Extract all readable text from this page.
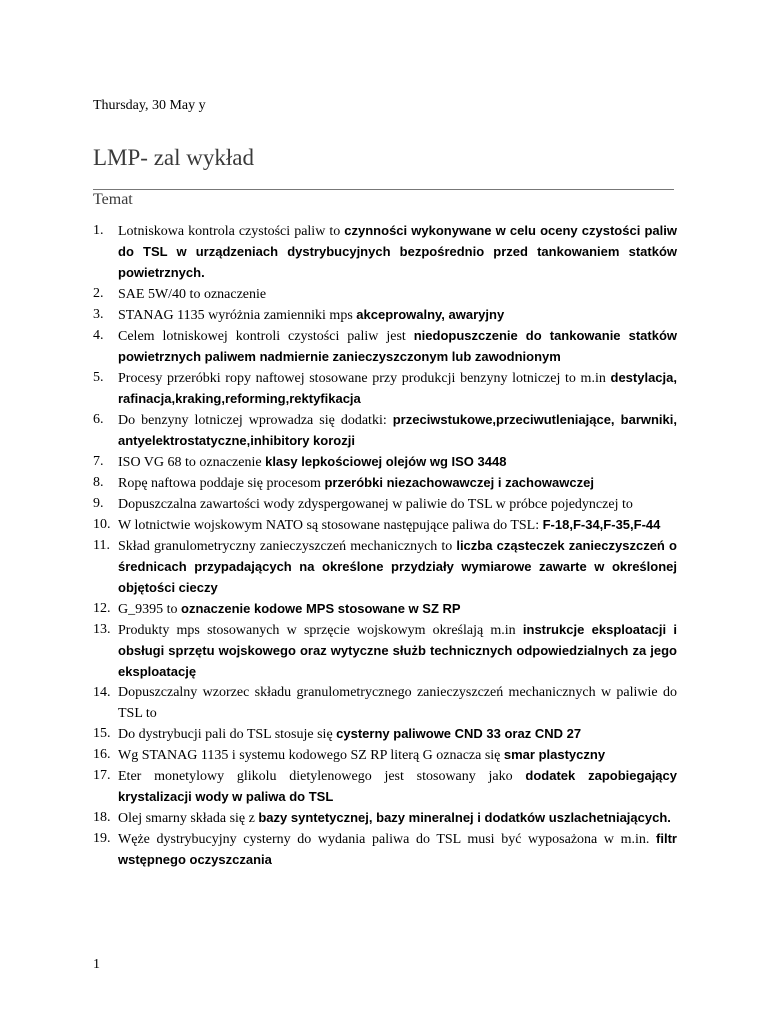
Thursday, 30 May y
LMP- zal wykład
Temat
1. Lotniskowa kontrola czystości paliw to czynności wykonywane w celu oceny czystości paliw do TSL w urządzeniach dystrybucyjnych bezpośrednio przed tankowaniem statków powietrznych.
2. SAE 5W/40 to oznaczenie
3. STANAG 1135 wyróżnia zamienniki mps akceprowalny, awaryjny
4. Celem lotniskowej kontroli czystości paliw jest niedopuszczenie do tankowanie statków powietrznych paliwem nadmiernie zanieczyszczonym lub zawodnionym
5. Procesy przeróbki ropy naftowej stosowane przy produkcji benzyny lotniczej to m.in destylacja, rafinacja,kraking,reforming,rektyfikacja
6. Do benzyny lotniczej wprowadza się dodatki: przeciwstukowe,przeciwutleniające, barwniki, antyelektrostatyczne,inhibitory korozji
7. ISO VG 68 to oznaczenie klasy lepkościowej olejów wg ISO 3448
8. Ropę naftowa poddaje się procesom przeróbki niezachowawczej i zachowawczej
9. Dopuszczalna zawartości wody zdyspergowanej w paliwie do TSL w próbce pojedynczej to
10. W lotnictwie wojskowym NATO są stosowane następujące paliwa do TSL: F-18,F-34,F-35,F-44
11. Skład granulometryczny zanieczyszczeń mechanicznych to liczba cząsteczek zanieczyszczeń o średnicach przypadających na określone przydziały wymiarowe zawarte w określonej objętości cieczy
12. G_9395 to oznaczenie kodowe MPS stosowane w SZ RP
13. Produkty mps stosowanych w sprzęcie wojskowym określają m.in instrukcje eksploatacji i obsługi sprzętu wojskowego oraz wytyczne służb technicznych odpowiedzialnych za jego eksploatację
14. Dopuszczalny wzorzec składu granulometrycznego zanieczyszczeń mechanicznych w paliwie do TSL to
15. Do dystrybucji pali do TSL stosuje się cysterny paliwowe CND 33 oraz CND 27
16. Wg STANAG 1135 i systemu kodowego SZ RP literą G oznacza się smar plastyczny
17. Eter monetylowy glikolu dietylenowego jest stosowany jako dodatek zapobiegający krystalizacji wody w paliwa do TSL
18. Olej smarny składa się z bazy syntetycznej, bazy mineralnej i dodatków uszlachetniających.
19. Węże dystrybucyjny cysterny do wydania paliwa do TSL musi być wyposażona w m.in. filtr wstępnego oczyszczania
1
